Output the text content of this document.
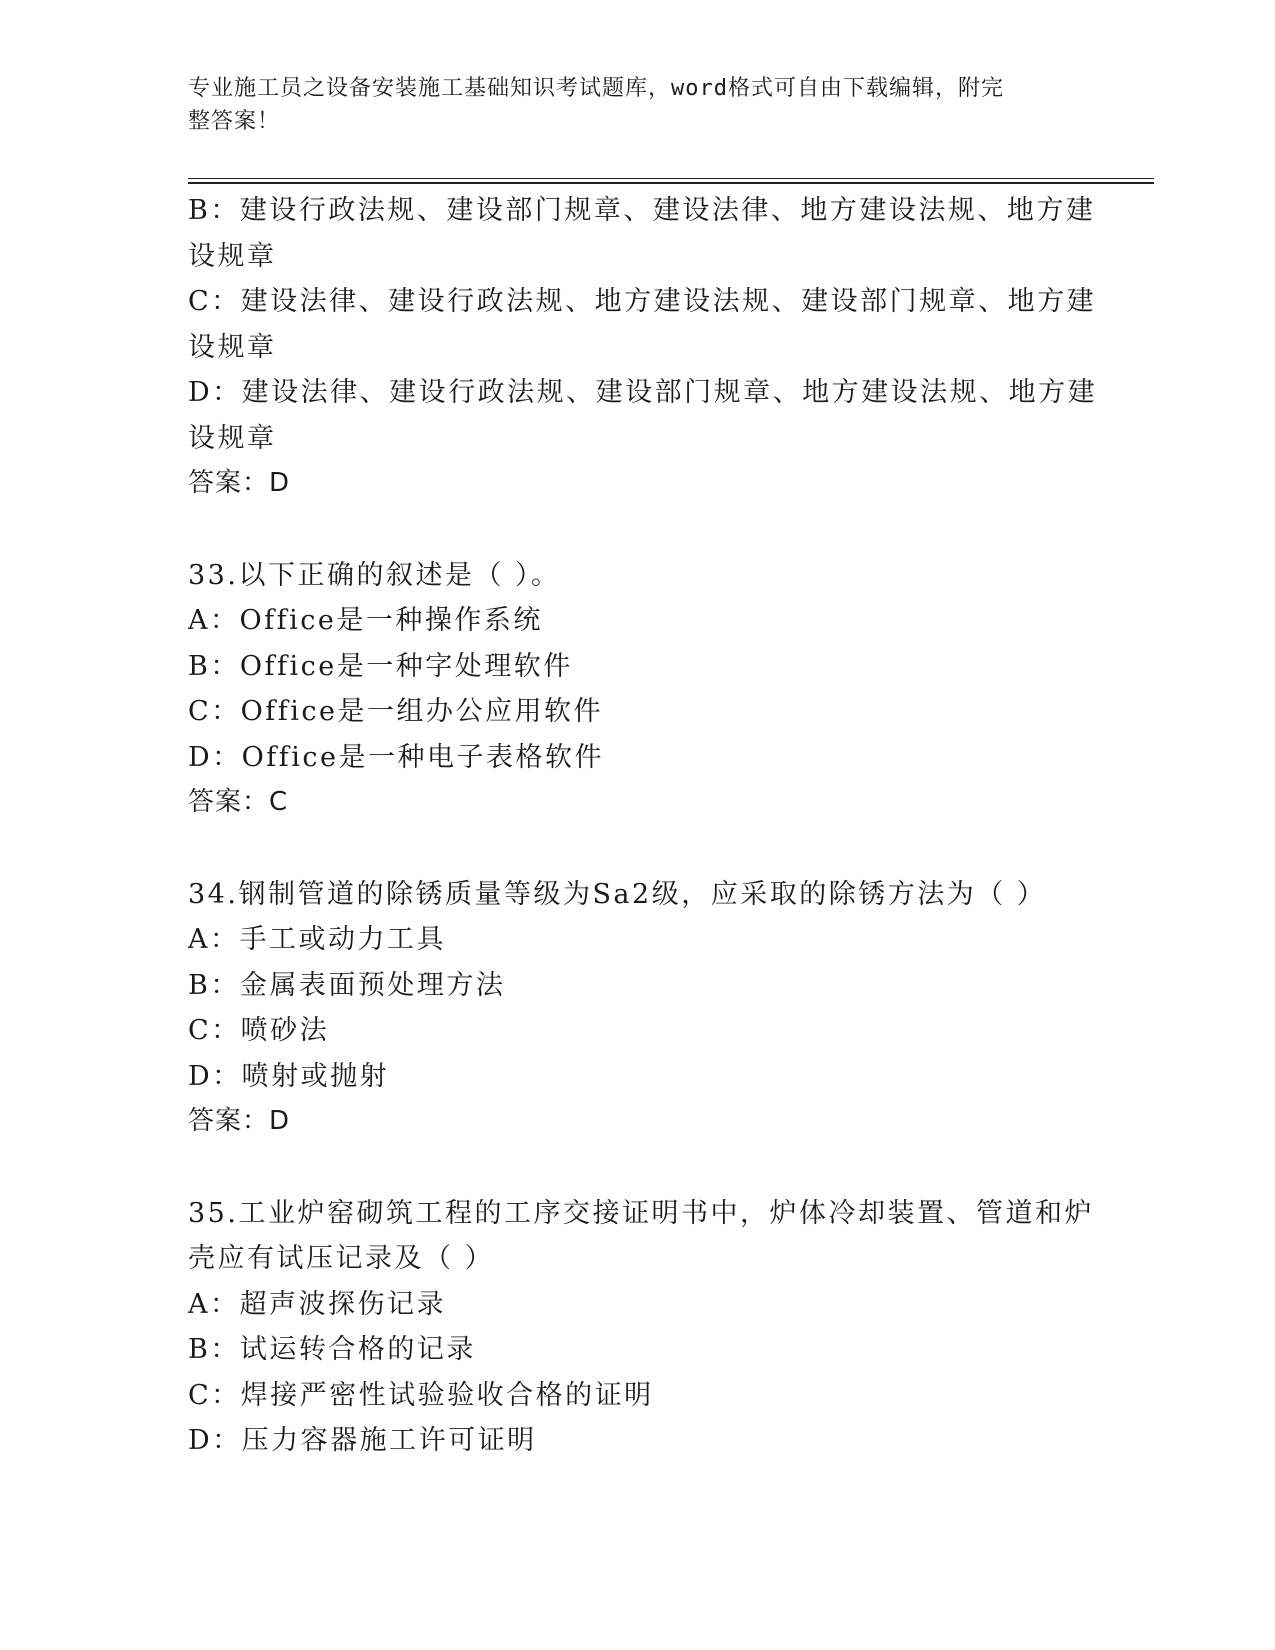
专业施工员之设备安装施工基础知识考试题库，word格式可自由下载编辑，附完
整答案！
B：建设行政法规、建设部门规章、建设法律、地方建设法规、地方建
设规章
C：建设法律、建设行政法规、地方建设法规、建设部门规章、地方建
设规章
D：建设法律、建设行政法规、建设部门规章、地方建设法规、地方建
设规章
答案：D
33.以下正确的叙述是（ ）。
A：Office是一种操作系统
B：Office是一种字处理软件
C：Office是一组办公应用软件
D：Office是一种电子表格软件
答案：C
34.钢制管道的除锈质量等级为Sa2级，应采取的除锈方法为（ ）
A：手工或动力工具
B：金属表面预处理方法
C：喷砂法
D：喷射或抛射
答案：D
35.工业炉窑砌筑工程的工序交接证明书中，炉体冷却装置、管道和炉
壳应有试压记录及（ ）
A：超声波探伤记录
B：试运转合格的记录
C：焊接严密性试验验收合格的证明
D：压力容器施工许可证明
